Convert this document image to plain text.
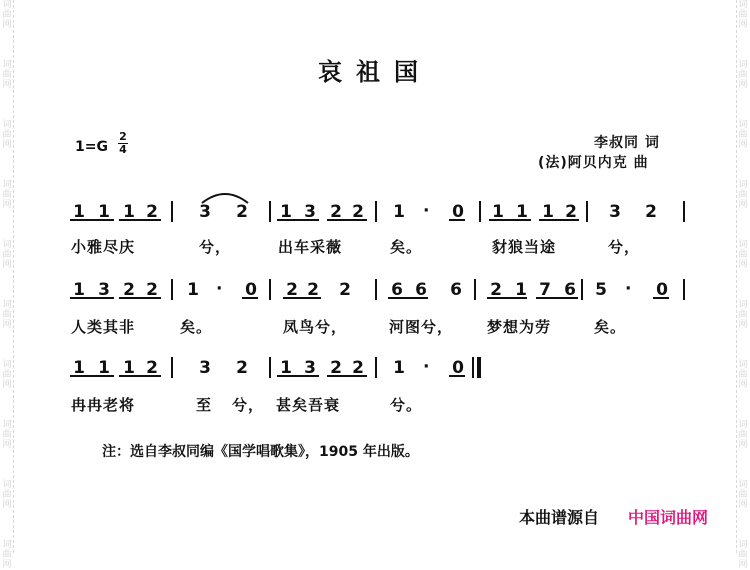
词
曲
网
词
曲
网
词
曲
网
词
曲
网
词
曲
网
词
曲
网
词
曲
网
词
曲
网
词
曲
网
词
曲
网
词
曲
网
词
曲
网
词
曲
网
词
曲
网
词
曲
网
词
曲
网
词
曲
网
词
曲
网
词
曲
网
词
曲
网
哀祖国
1=G
2
4	李叔同 词
(法)阿贝内克 曲
1 1 1 2 3 2 1 3 2 2 1 · 0 1 1 1 2 3 2
小雅尽庆	兮，	出车采薇	矣。	豺狼当途	兮，
1 3 2 2 1 · 0 2 2 2 6 6 6 2 1 7 6 5 · 0
人类其非	矣。	凤鸟兮，	河图兮， 梦想为劳	矣。
1 1 1 2 3 2 1 3 2 2 1 · 0
冉冉老将	至 兮， 甚矣吾衰	兮。
注：选自李叔同编《国学唱歌集》，1905 年出版。
本曲谱源自 中国词曲网
